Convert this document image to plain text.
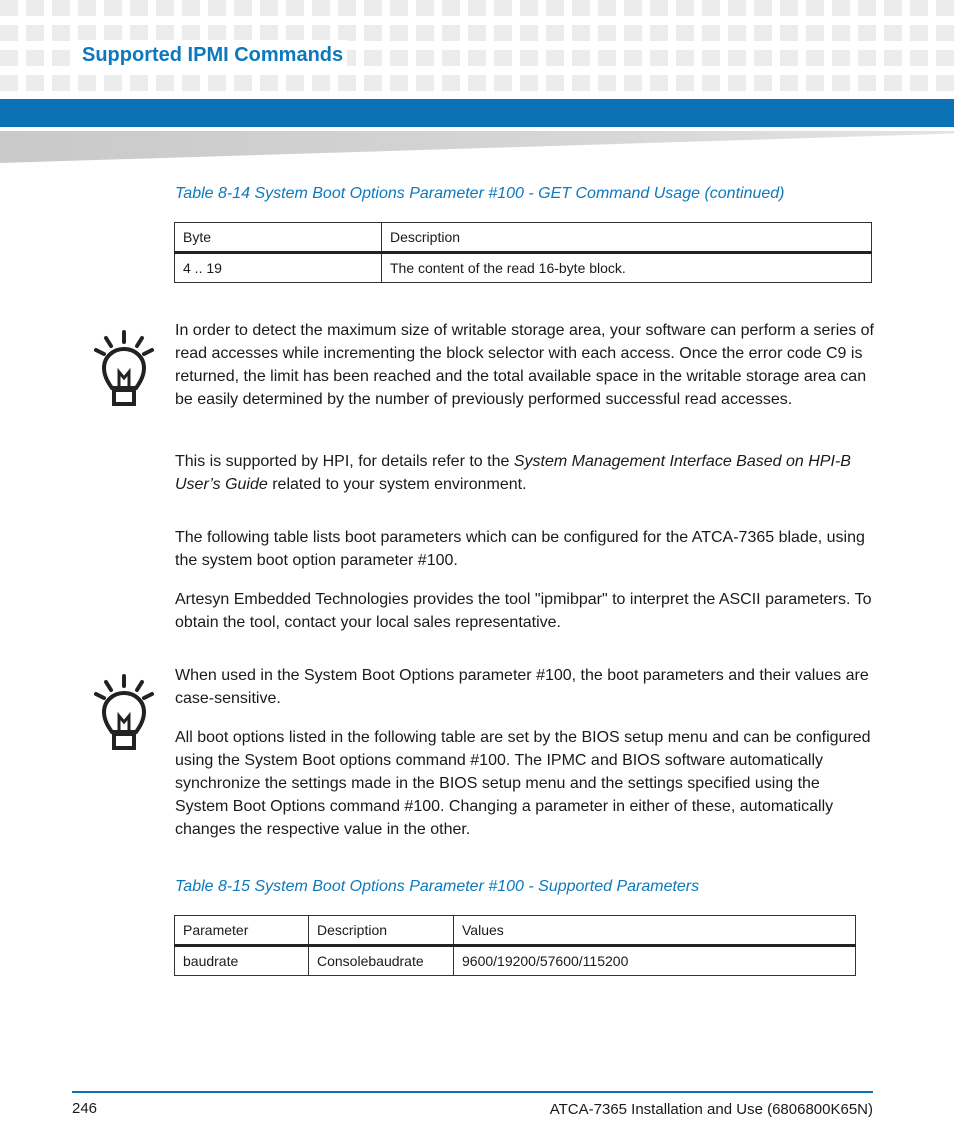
Supported IPMI Commands
Table 8-14 System Boot Options Parameter #100 - GET Command Usage (continued)
Byte	Description
4 .. 19	The content of the read 16-byte block.

In order to detect the maximum size of writable storage area, your software can perform a series of read accesses while incrementing the block selector with each access. Once the error code C9 is returned, the limit has been reached and the total available space in the writable storage area can be easily determined by the number of previously performed successful read accesses.

This is supported by HPI, for details refer to the System Management Interface Based on HPI-B User’s Guide related to your system environment.

The following table lists boot parameters which can be configured for the ATCA-7365 blade, using the system boot option parameter #100.

Artesyn Embedded Technologies provides the tool "ipmibpar" to interpret the ASCII parameters. To obtain the tool, contact your local sales representative.

When used in the System Boot Options parameter #100, the boot parameters and their values are case-sensitive.

All boot options listed in the following table are set by the BIOS setup menu and can be configured using the System Boot options command #100. The IPMC and BIOS software automatically synchronize the settings made in the BIOS setup menu and the settings specified using the System Boot Options command #100. Changing a parameter in either of these, automatically changes the respective value in the other.

Table 8-15 System Boot Options Parameter #100 - Supported Parameters
Parameter	Description	Values
baudrate	Consolebaudrate	9600/19200/57600/115200
246	ATCA-7365 Installation and Use (6806800K65N)
